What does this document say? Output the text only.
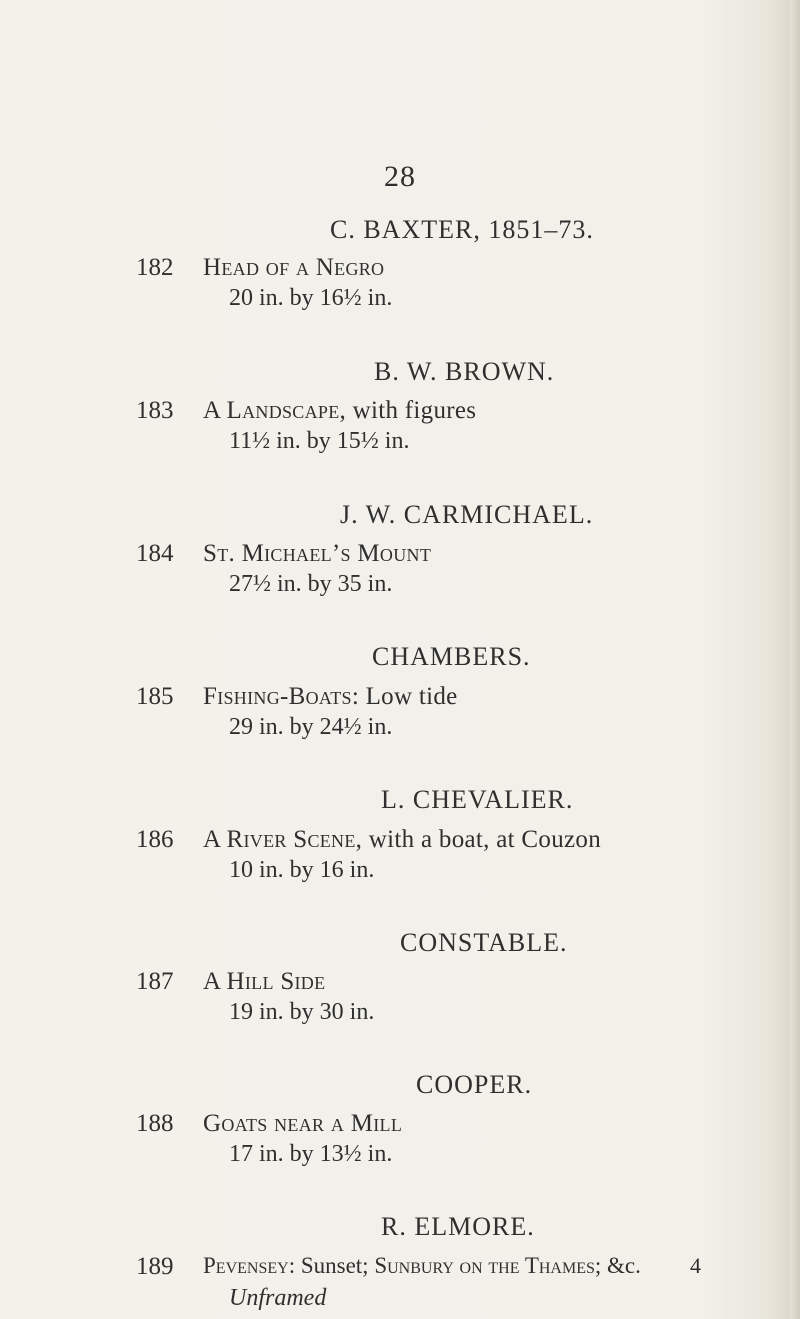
28
C. BAXTER, 1851–73.
182	Head of a Negro
20 in. by 16½ in.
B. W. BROWN.
183	A Landscape, with figures
11½ in. by 15½ in.
J. W. CARMICHAEL.
184	St. Michael’s Mount
27½ in. by 35 in.
CHAMBERS.
185	Fishing-Boats: Low tide
29 in. by 24½ in.
L. CHEVALIER.
186	A River Scene, with a boat, at Couzon
10 in. by 16 in.
CONSTABLE.
187	A Hill Side
19 in. by 30 in.
COOPER.
188	Goats near a Mill
17 in. by 13½ in.
R. ELMORE.
189	Pevensey: Sunset; Sunbury on the Thames; &c.
Unframed
4
